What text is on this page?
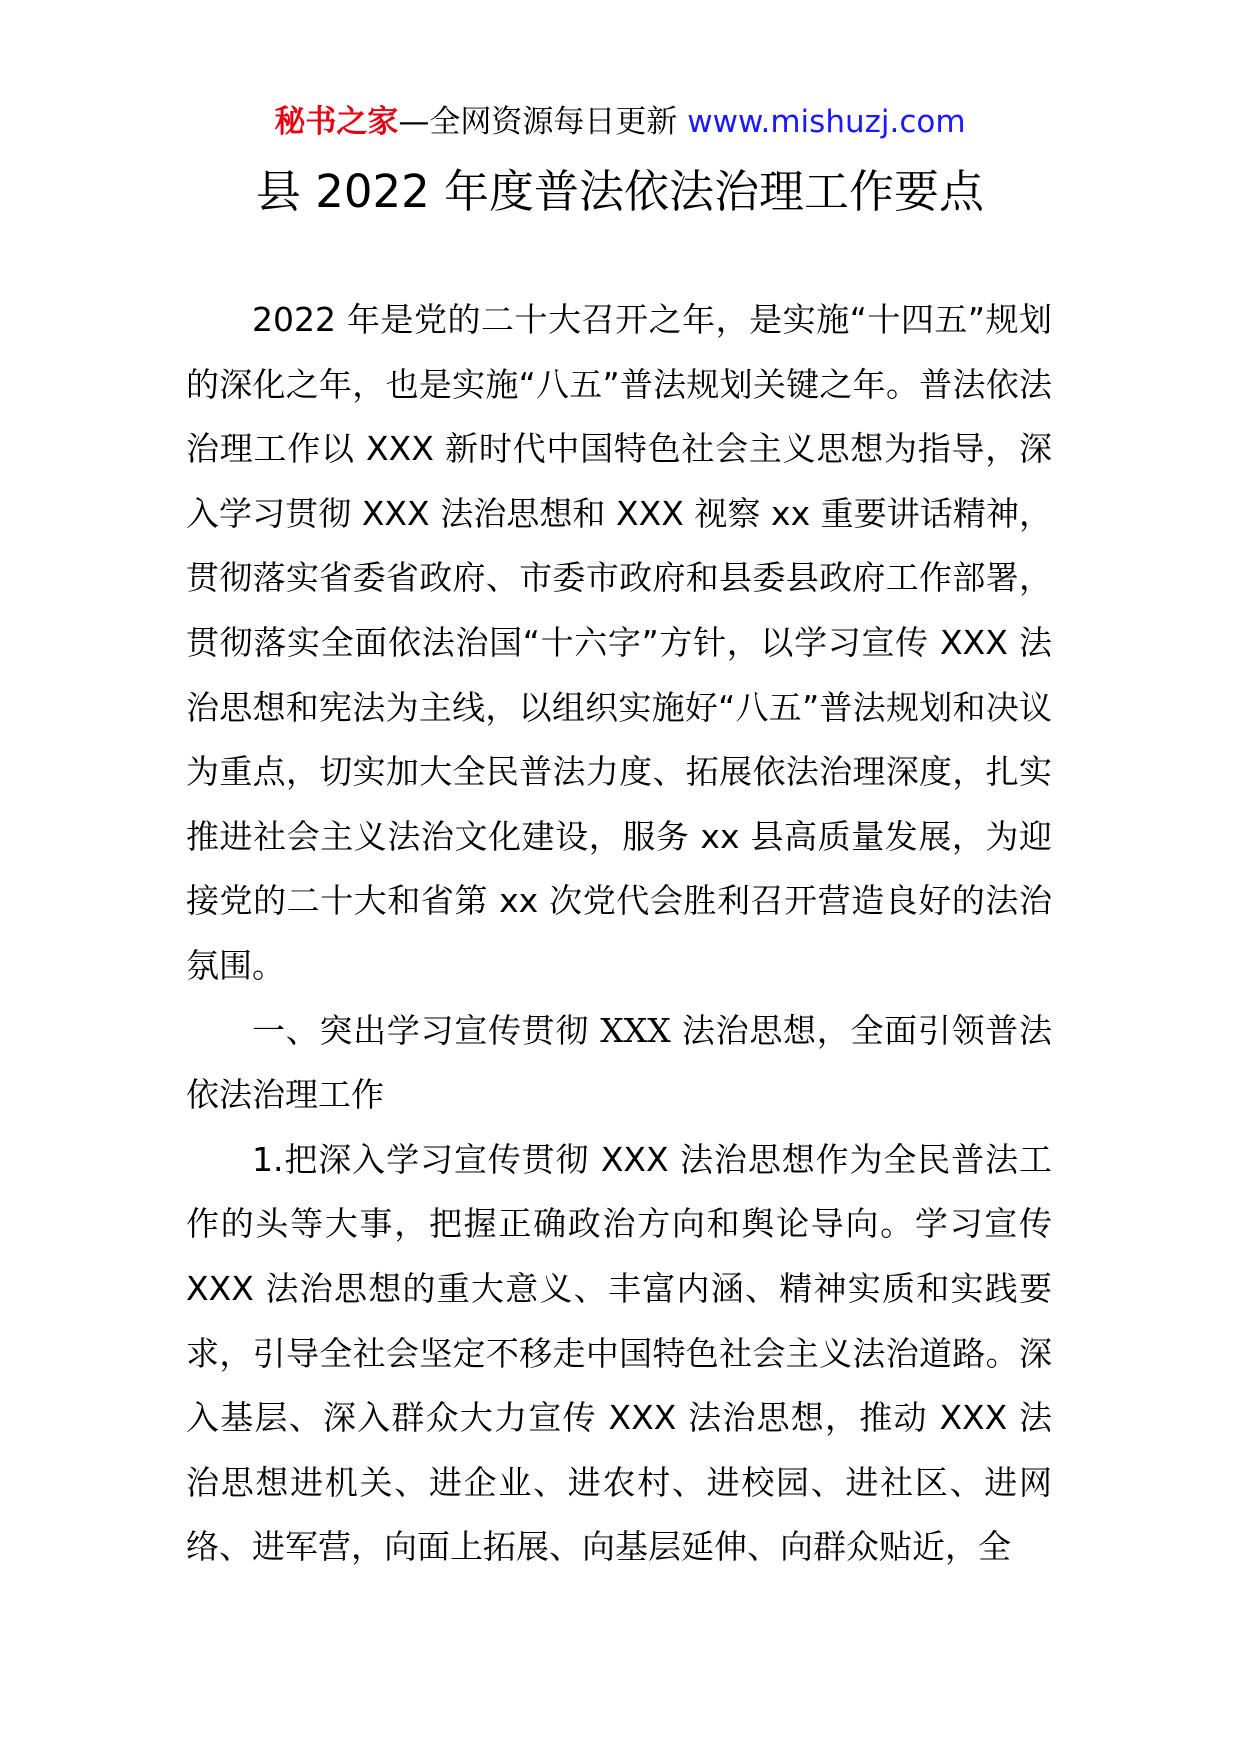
秘书之家—全网资源每日更新 www.mishuzj.com
县 2022 年度普法依法治理工作要点

2022 年是党的二十大召开之年，是实施“十四五”规划的深化之年，也是实施“八五”普法规划关键之年。普法依法治理工作以 XXX 新时代中国特色社会主义思想为指导，深入学习贯彻 XXX 法治思想和 XXX 视察 xx 重要讲话精神，贯彻落实省委省政府、市委市政府和县委县政府工作部署，贯彻落实全面依法治国“十六字”方针，以学习宣传 XXX 法治思想和宪法为主线，以组织实施好“八五”普法规划和决议为重点，切实加大全民普法力度、拓展依法治理深度，扎实推进社会主义法治文化建设，服务 xx 县高质量发展，为迎接党的二十大和省第 xx 次党代会胜利召开营造良好的法治氛围。

一、突出学习宣传贯彻 XXX 法治思想，全面引领普法依法治理工作

1.把深入学习宣传贯彻 XXX 法治思想作为全民普法工作的头等大事，把握正确政治方向和舆论导向。学习宣传 XXX 法治思想的重大意义、丰富内涵、精神实质和实践要求，引导全社会坚定不移走中国特色社会主义法治道路。深入基层、深入群众大力宣传 XXX 法治思想，推动 XXX 法治思想进机关、进企业、进农村、进校园、进社区、进网络、进军营，向面上拓展、向基层延伸、向群众贴近，全
